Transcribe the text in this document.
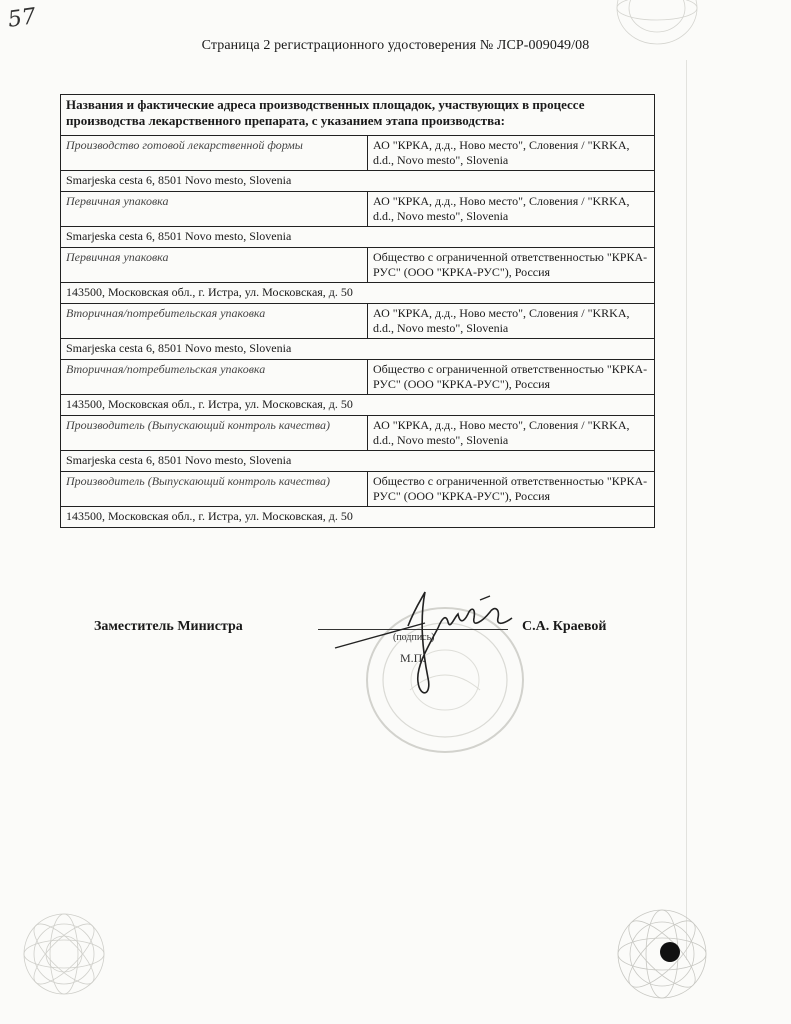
57
Страница 2 регистрационного удостоверения № ЛСР-009049/08
Названия и фактические адреса производственных площадок, участвующих в процессе производства лекарственного препарата, с указанием этапа производства:	
Производство готовой лекарственной формы	АО "КРКА, д.д., Ново место", Словения / "KRKA, d.d., Novo mesto", Slovenia
Smarjeska cesta 6, 8501 Novo mesto, Slovenia	
Первичная упаковка	АО "КРКА, д.д., Ново место", Словения / "KRKA, d.d., Novo mesto", Slovenia
Smarjeska cesta 6, 8501 Novo mesto, Slovenia	
Первичная упаковка	Общество с ограниченной ответственностью "КРКА-РУС" (ООО "КРКА-РУС"), Россия
143500, Московская обл., г. Истра, ул. Московская, д. 50	
Вторичная/потребительская упаковка	АО "КРКА, д.д., Ново место", Словения / "KRKA, d.d., Novo mesto", Slovenia
Smarjeska cesta 6, 8501 Novo mesto, Slovenia	
Вторичная/потребительская упаковка	Общество с ограниченной ответственностью "КРКА-РУС" (ООО "КРКА-РУС"), Россия
143500, Московская обл., г. Истра, ул. Московская, д. 50	
Производитель (Выпускающий контроль качества)	АО "КРКА, д.д., Ново место", Словения / "KRKA, d.d., Novo mesto", Slovenia
Smarjeska cesta 6, 8501 Novo mesto, Slovenia	
Производитель (Выпускающий контроль качества)	Общество с ограниченной ответственностью "КРКА-РУС" (ООО "КРКА-РУС"), Россия
143500, Московская обл., г. Истра, ул. Московская, д. 50	
Заместитель Министра
(подпись)
М.П.
С.А. Краевой
